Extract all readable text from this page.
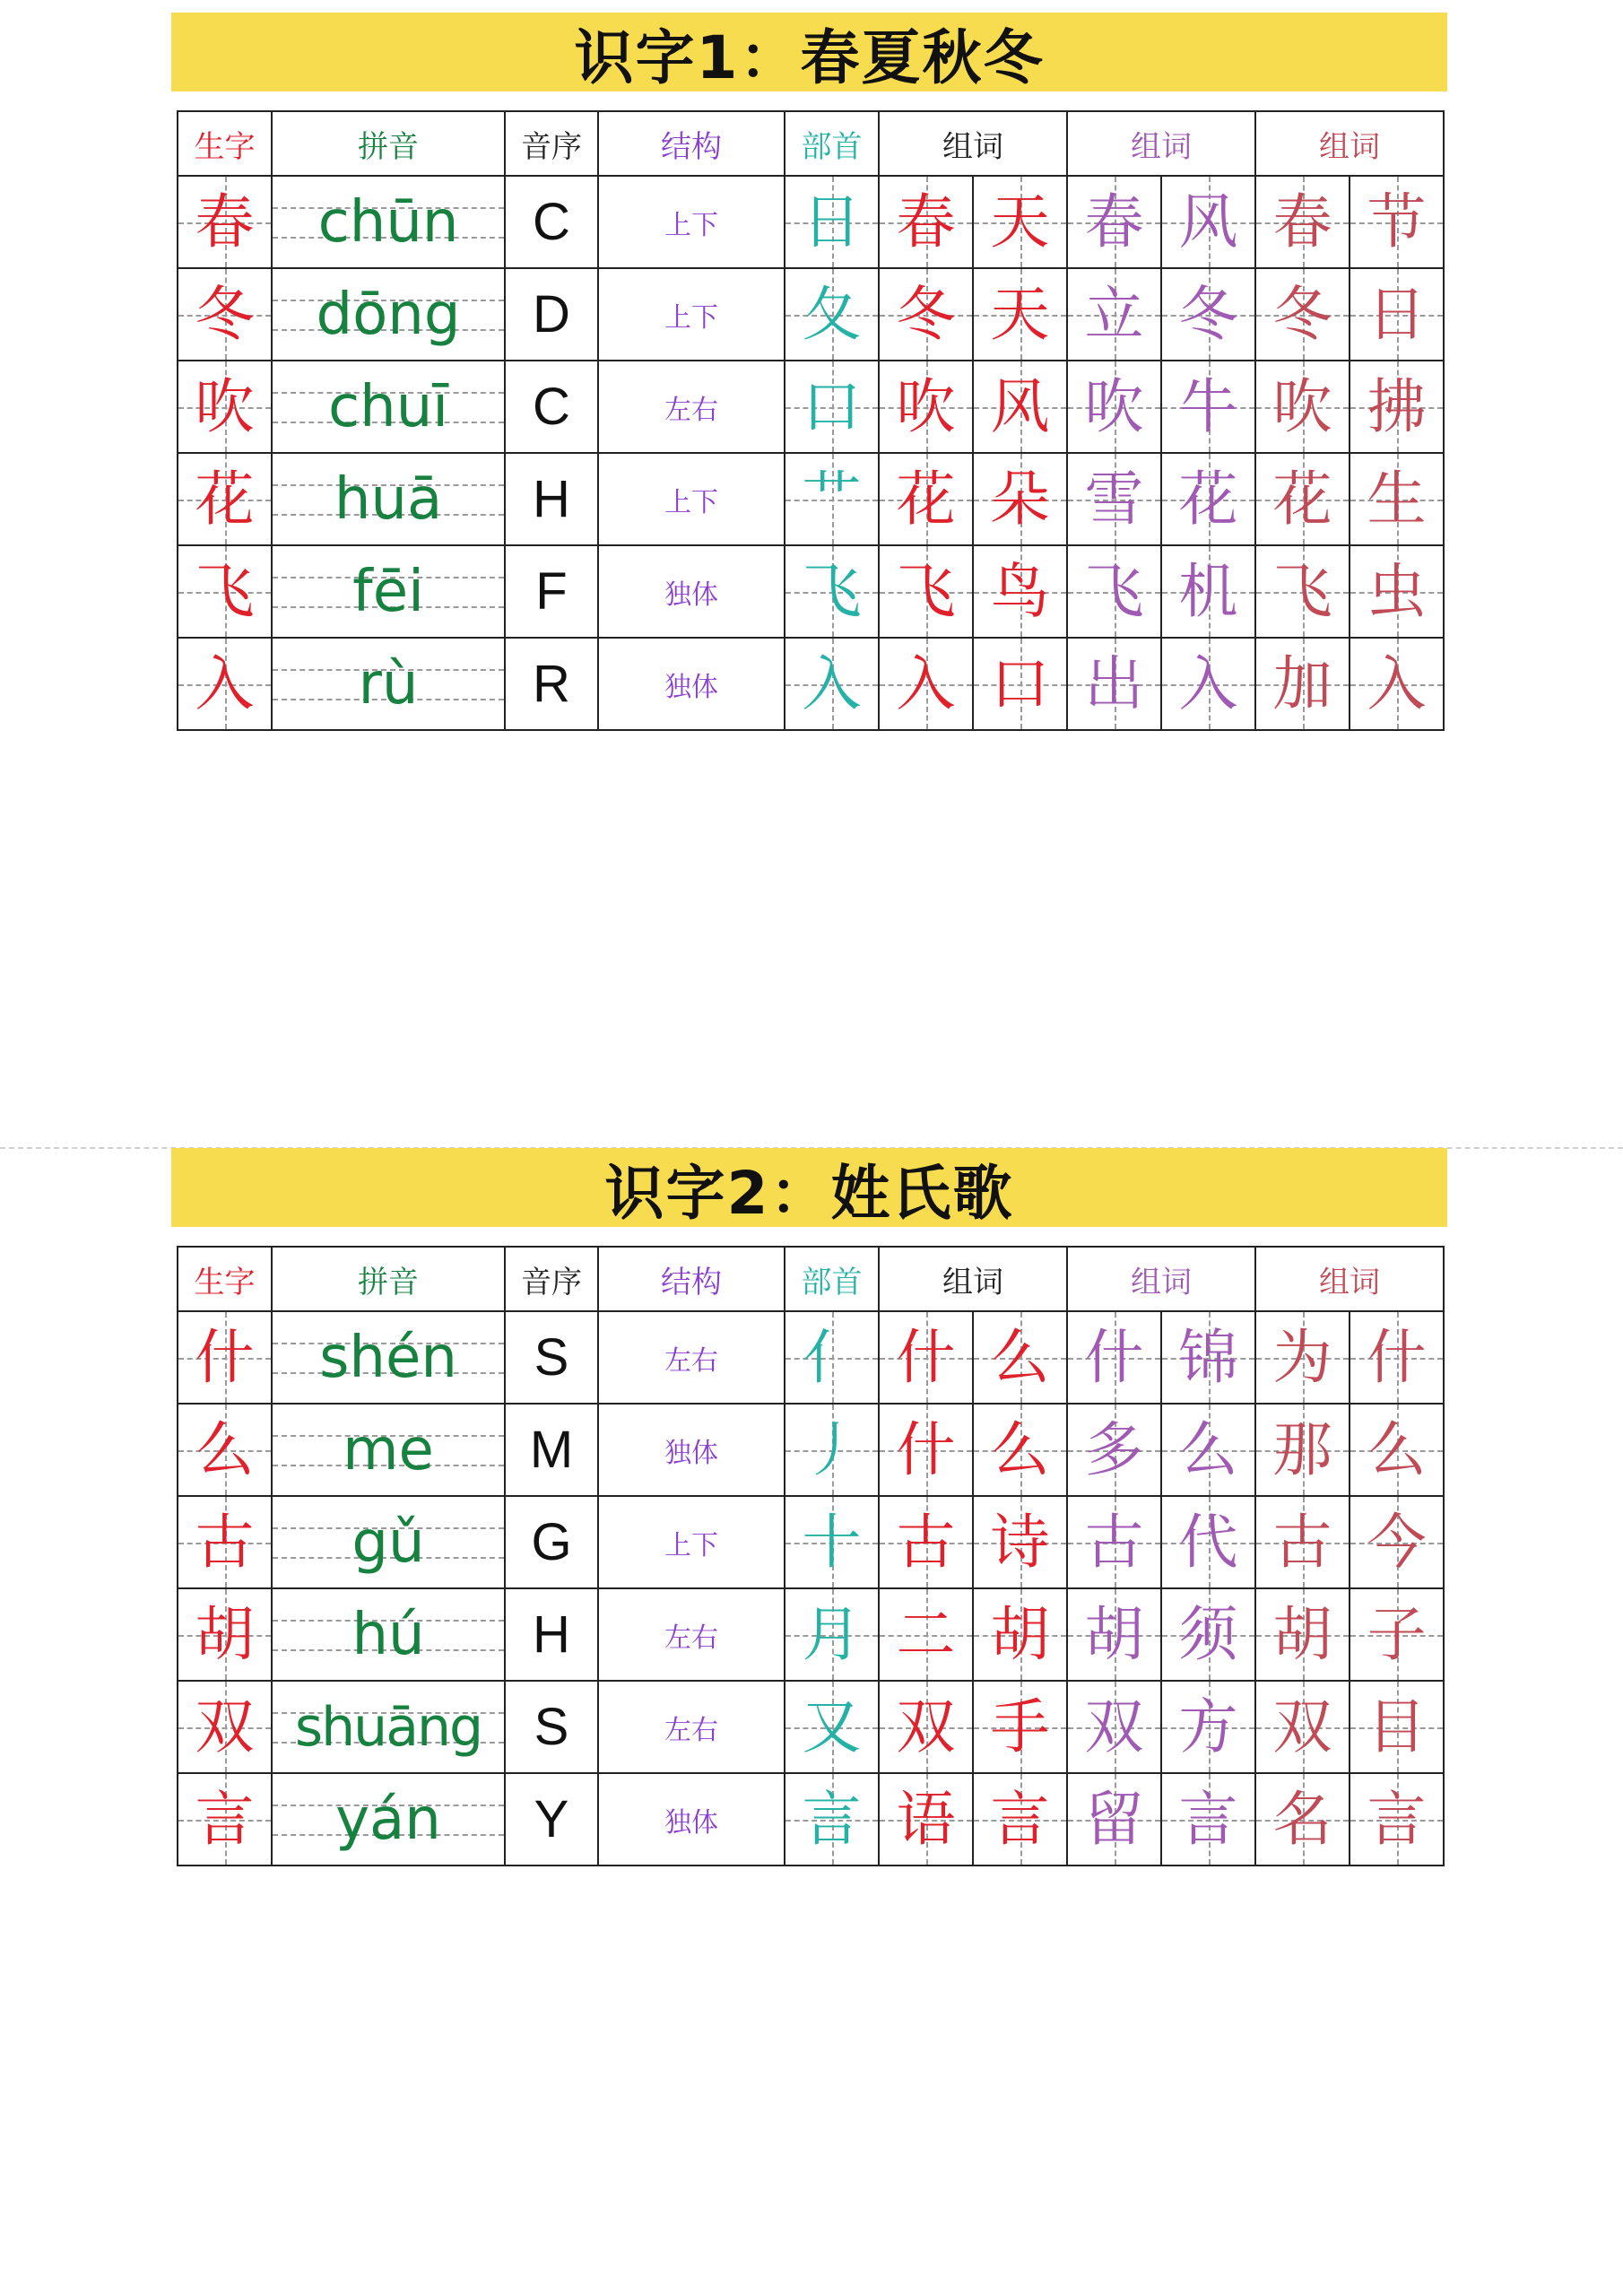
识字1：春夏秋冬
生字	拼音	音序	结构	部首	组词		组词		组词	
春	chūn	C	上下	日	春	天	春	风	春	节
冬	dōng	D	上下	夂	冬	天	立	冬	冬	日
吹	chuī	C	左右	口	吹	风	吹	牛	吹	拂
花	huā	H	上下	艹	花	朵	雪	花	花	生
飞	fēi	F	独体	飞	飞	鸟	飞	机	飞	虫
入	rù	R	独体	入	入	口	出	入	加	入
识字2：姓氏歌
生字	拼音	音序	结构	部首	组词		组词		组词	
什	shén	S	左右	亻	什	么	什	锦	为	什
么	me	M	独体	丿	什	么	多	么	那	么
古	gǔ	G	上下	十	古	诗	古	代	古	今
胡	hú	H	左右	月	二	胡	胡	须	胡	子
双	shuāng	S	左右	又	双	手	双	方	双	目
言	yán	Y	独体	言	语	言	留	言	名	言
